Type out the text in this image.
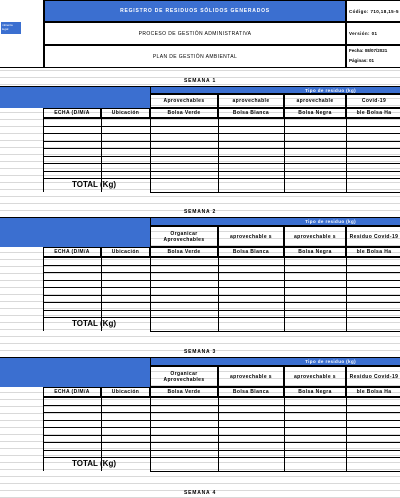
mbienta
legal
REGISTRO DE RESIDUOS SÓLIDOS GENERADOS
PROCESO DE GESTIÓN ADMINISTRATIVA
PLAN DE GESTIÓN AMBIENTAL
Código: 710,18,15-5
Versión: 01
Fecha: 08/07/2021
Páginas: 01
SEMANA 1
Tipo de residuo (kg)
Aprovechables	aprovechable	aprovechable	Covid-19
ECHA (D/M/A	Ubicación	Bolsa Verde	Bolsa Blanca	Bolsa Negra	ble Bolsa Ha
TOTAL (Kg)
SEMANA 2
Tipo de residuo (kg)
Organicar Aprovechables	aprovechable s	aprovechable s	Residuo Covid-19
ECHA (D/M/A	Ubicación	Bolsa Verde	Bolsa Blanca	Bolsa Negra	ble Bolsa Ha
TOTAL (Kg)
SEMANA 3
Tipo de residuo (kg)
Organicar Aprovechables	aprovechable s	aprovechable s	Residuo Covid-19
ECHA (D/M/A	Ubicación	Bolsa Verde	Bolsa Blanca	Bolsa Negra	ble Bolsa Ha
TOTAL (Kg)
SEMANA 4
